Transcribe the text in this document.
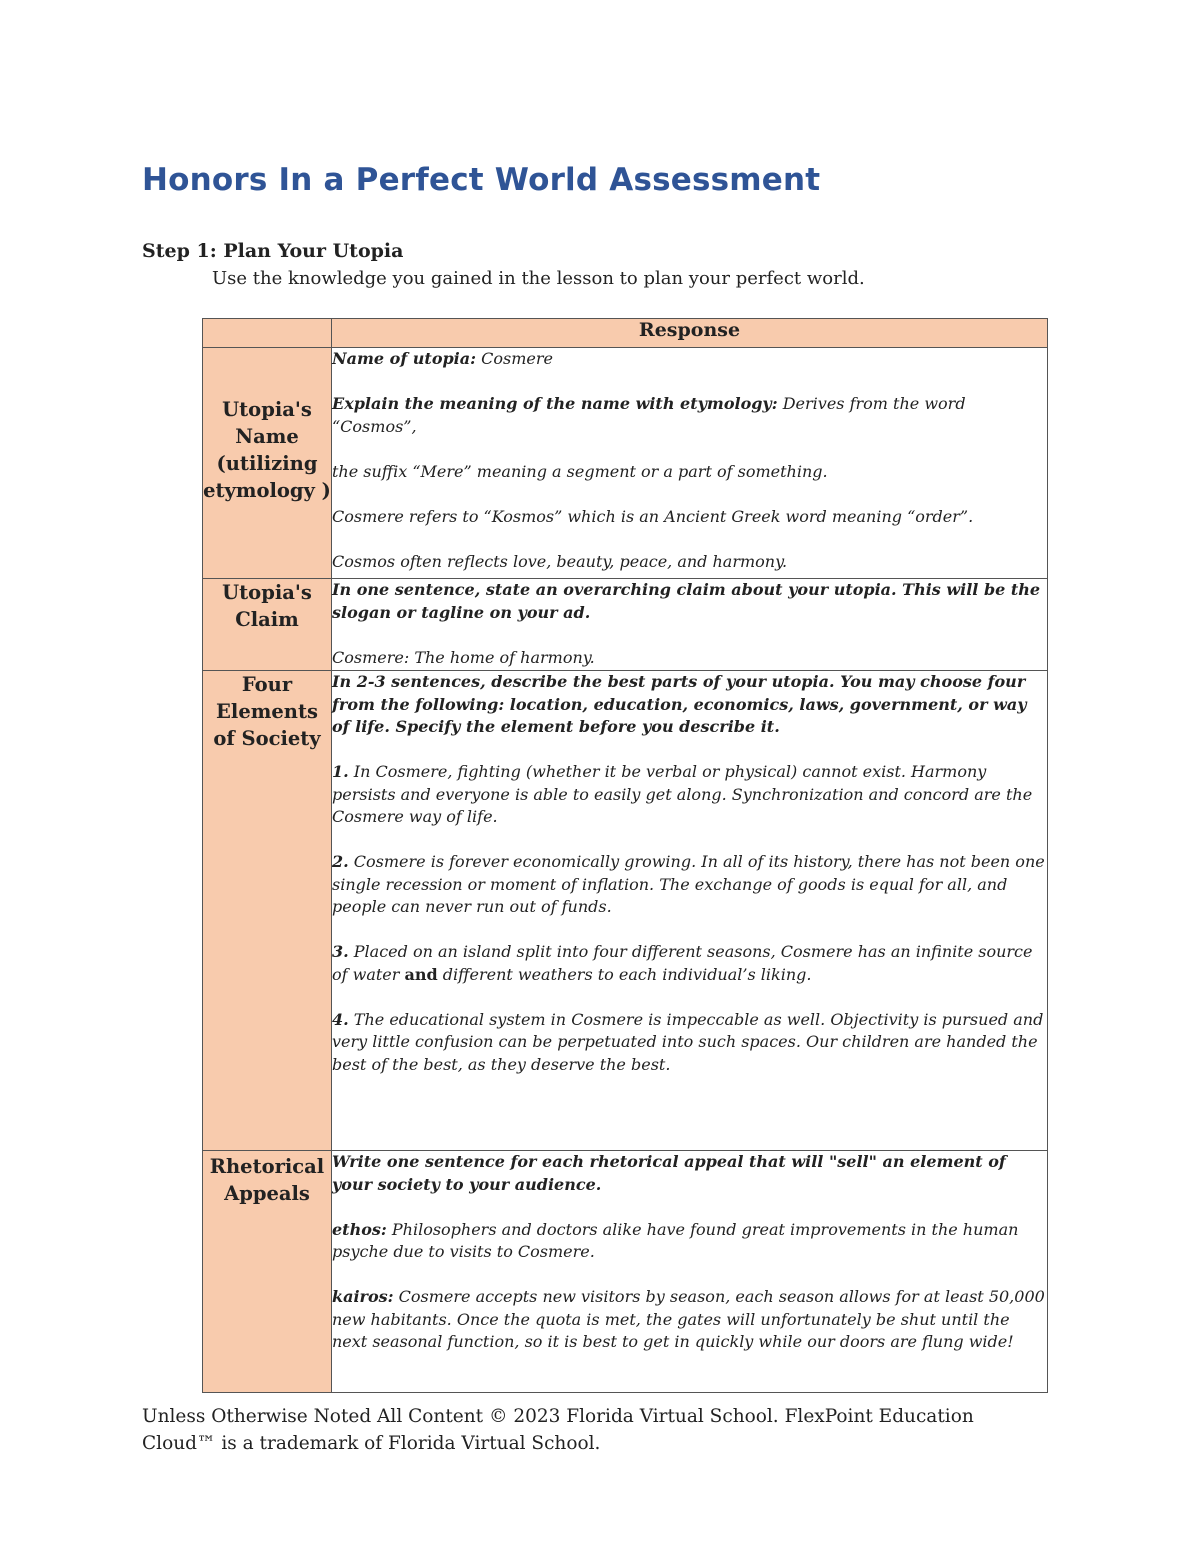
Honors In a Perfect World Assessment
Step 1: Plan Your Utopia
Use the knowledge you gained in the lesson to plan your perfect world.
	Response
Utopia's Name (utilizing etymology )	Name of utopia: Cosmere

Explain the meaning of the name with etymology: Derives from the word “Cosmos”,

the suffix “Mere” meaning a segment or a part of something.

Cosmere refers to “Kosmos” which is an Ancient Greek word meaning “order”.

Cosmos often reflects love, beauty, peace, and harmony.

Utopia's Claim	In one sentence, state an overarching claim about your utopia. This will be the slogan or tagline on your ad.

Cosmere: The home of harmony.

Four Elements of Society	In 2-3 sentences, describe the best parts of your utopia. You may choose four from the following: location, education, economics, laws, government, or way of life. Specify the element before you describe it.

1. In Cosmere, fighting (whether it be verbal or physical) cannot exist. Harmony persists and everyone is able to easily get along. Synchronization and concord are the Cosmere way of life.

2. Cosmere is forever economically growing. In all of its history, there has not been one single recession or moment of inflation. The exchange of goods is equal for all, and people can never run out of funds.

3. Placed on an island split into four different seasons, Cosmere has an infinite source of water and different weathers to each individual’s liking.

4. The educational system in Cosmere is impeccable as well. Objectivity is pursued and very little confusion can be perpetuated into such spaces. Our children are handed the best of the best, as they deserve the best.

Rhetorical Appeals	Write one sentence for each rhetorical appeal that will "sell" an element of your society to your audience.

ethos: Philosophers and doctors alike have found great improvements in the human psyche due to visits to Cosmere.

kairos: Cosmere accepts new visitors by season, each season allows for at least 50,000 new habitants. Once the quota is met, the gates will unfortunately be shut until the next seasonal function, so it is best to get in quickly while our doors are flung wide!

Unless Otherwise Noted All Content © 2023 Florida Virtual School. FlexPoint Education Cloud™ is a trademark of Florida Virtual School.
